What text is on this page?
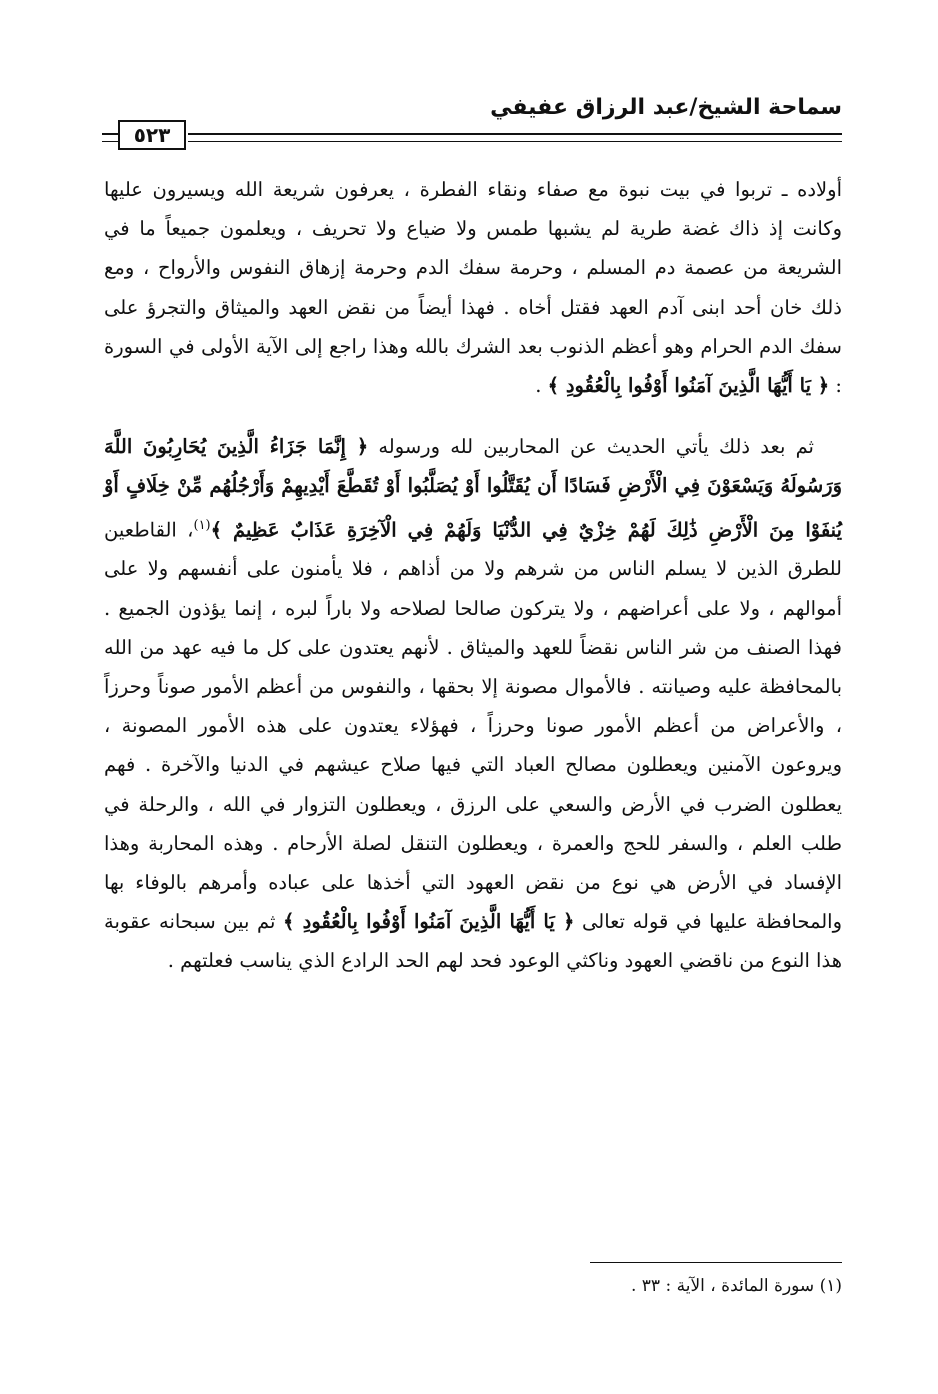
سماحة الشيخ/عبد الرزاق عفيفي
٥٢٣

أولاده ـ تربوا في بيت نبوة مع صفاء ونقاء الفطرة ، يعرفون شريعة الله ويسيرون عليها وكانت إذ ذاك غضة طرية لم يشبها طمس ولا ضياع ولا تحريف ، ويعلمون جميعاً ما في الشريعة من عصمة دم المسلم ، وحرمة سفك الدم وحرمة إزهاق النفوس والأرواح ، ومع ذلك خان أحد ابنى آدم العهد فقتل أخاه . فهذا أيضاً من نقض العهد والميثاق والتجرؤ على سفك الدم الحرام وهو أعظم الذنوب بعد الشرك بالله وهذا راجع إلى الآية الأولى في السورة : ﴿ يَا أَيُّهَا الَّذِينَ آمَنُوا أَوْفُوا بِالْعُقُودِ ﴾ .

ثم بعد ذلك يأتي الحديث عن المحاربين لله ورسوله ﴿ إِنَّمَا جَزَاءُ الَّذِينَ يُحَارِبُونَ اللَّهَ وَرَسُولَهُ وَيَسْعَوْنَ فِي الْأَرْضِ فَسَادًا أَن يُقَتَّلُوا أَوْ يُصَلَّبُوا أَوْ تُقَطَّعَ أَيْدِيهِمْ وَأَرْجُلُهُم مِّنْ خِلَافٍ أَوْ يُنفَوْا مِنَ الْأَرْضِ ذَٰلِكَ لَهُمْ خِزْيٌ فِي الدُّنْيَا وَلَهُمْ فِي الْآخِرَةِ عَذَابٌ عَظِيمٌ ﴾$^{(١)}$، القاطعين للطرق الذين لا يسلم الناس من شرهم ولا من أذاهم ، فلا يأمنون على أنفسهم ولا على أموالهم ، ولا على أعراضهم ، ولا يتركون صالحا لصلاحه ولا باراً لبره ، إنما يؤذون الجميع . فهذا الصنف من شر الناس نقضاً للعهد والميثاق . لأنهم يعتدون على كل ما فيه عهد من الله بالمحافظة عليه وصيانته . فالأموال مصونة إلا بحقها ، والنفوس من أعظم الأمور صوناً وحرزاً ، والأعراض من أعظم الأمور صونا وحرزاً ، فهؤلاء يعتدون على هذه الأمور المصونة ، ويروعون الآمنين ويعطلون مصالح العباد التي فيها صلاح عيشهم في الدنيا والآخرة . فهم يعطلون الضرب في الأرض والسعي على الرزق ، ويعطلون التزوار في الله ، والرحلة في طلب العلم ، والسفر للحج والعمرة ، ويعطلون التنقل لصلة الأرحام . وهذه المحاربة وهذا الإفساد في الأرض هي نوع من نقض العهود التي أخذها على عباده وأمرهم بالوفاء بها والمحافظة عليها في قوله تعالى ﴿ يَا أَيُّهَا الَّذِينَ آمَنُوا أَوْفُوا بِالْعُقُودِ ﴾ ثم بين سبحانه عقوبة هذا النوع من ناقضي العهود وناكثي الوعود فحد لهم الحد الرادع الذي يناسب فعلتهم .

(١) سورة المائدة ، الآية : ٣٣ .
